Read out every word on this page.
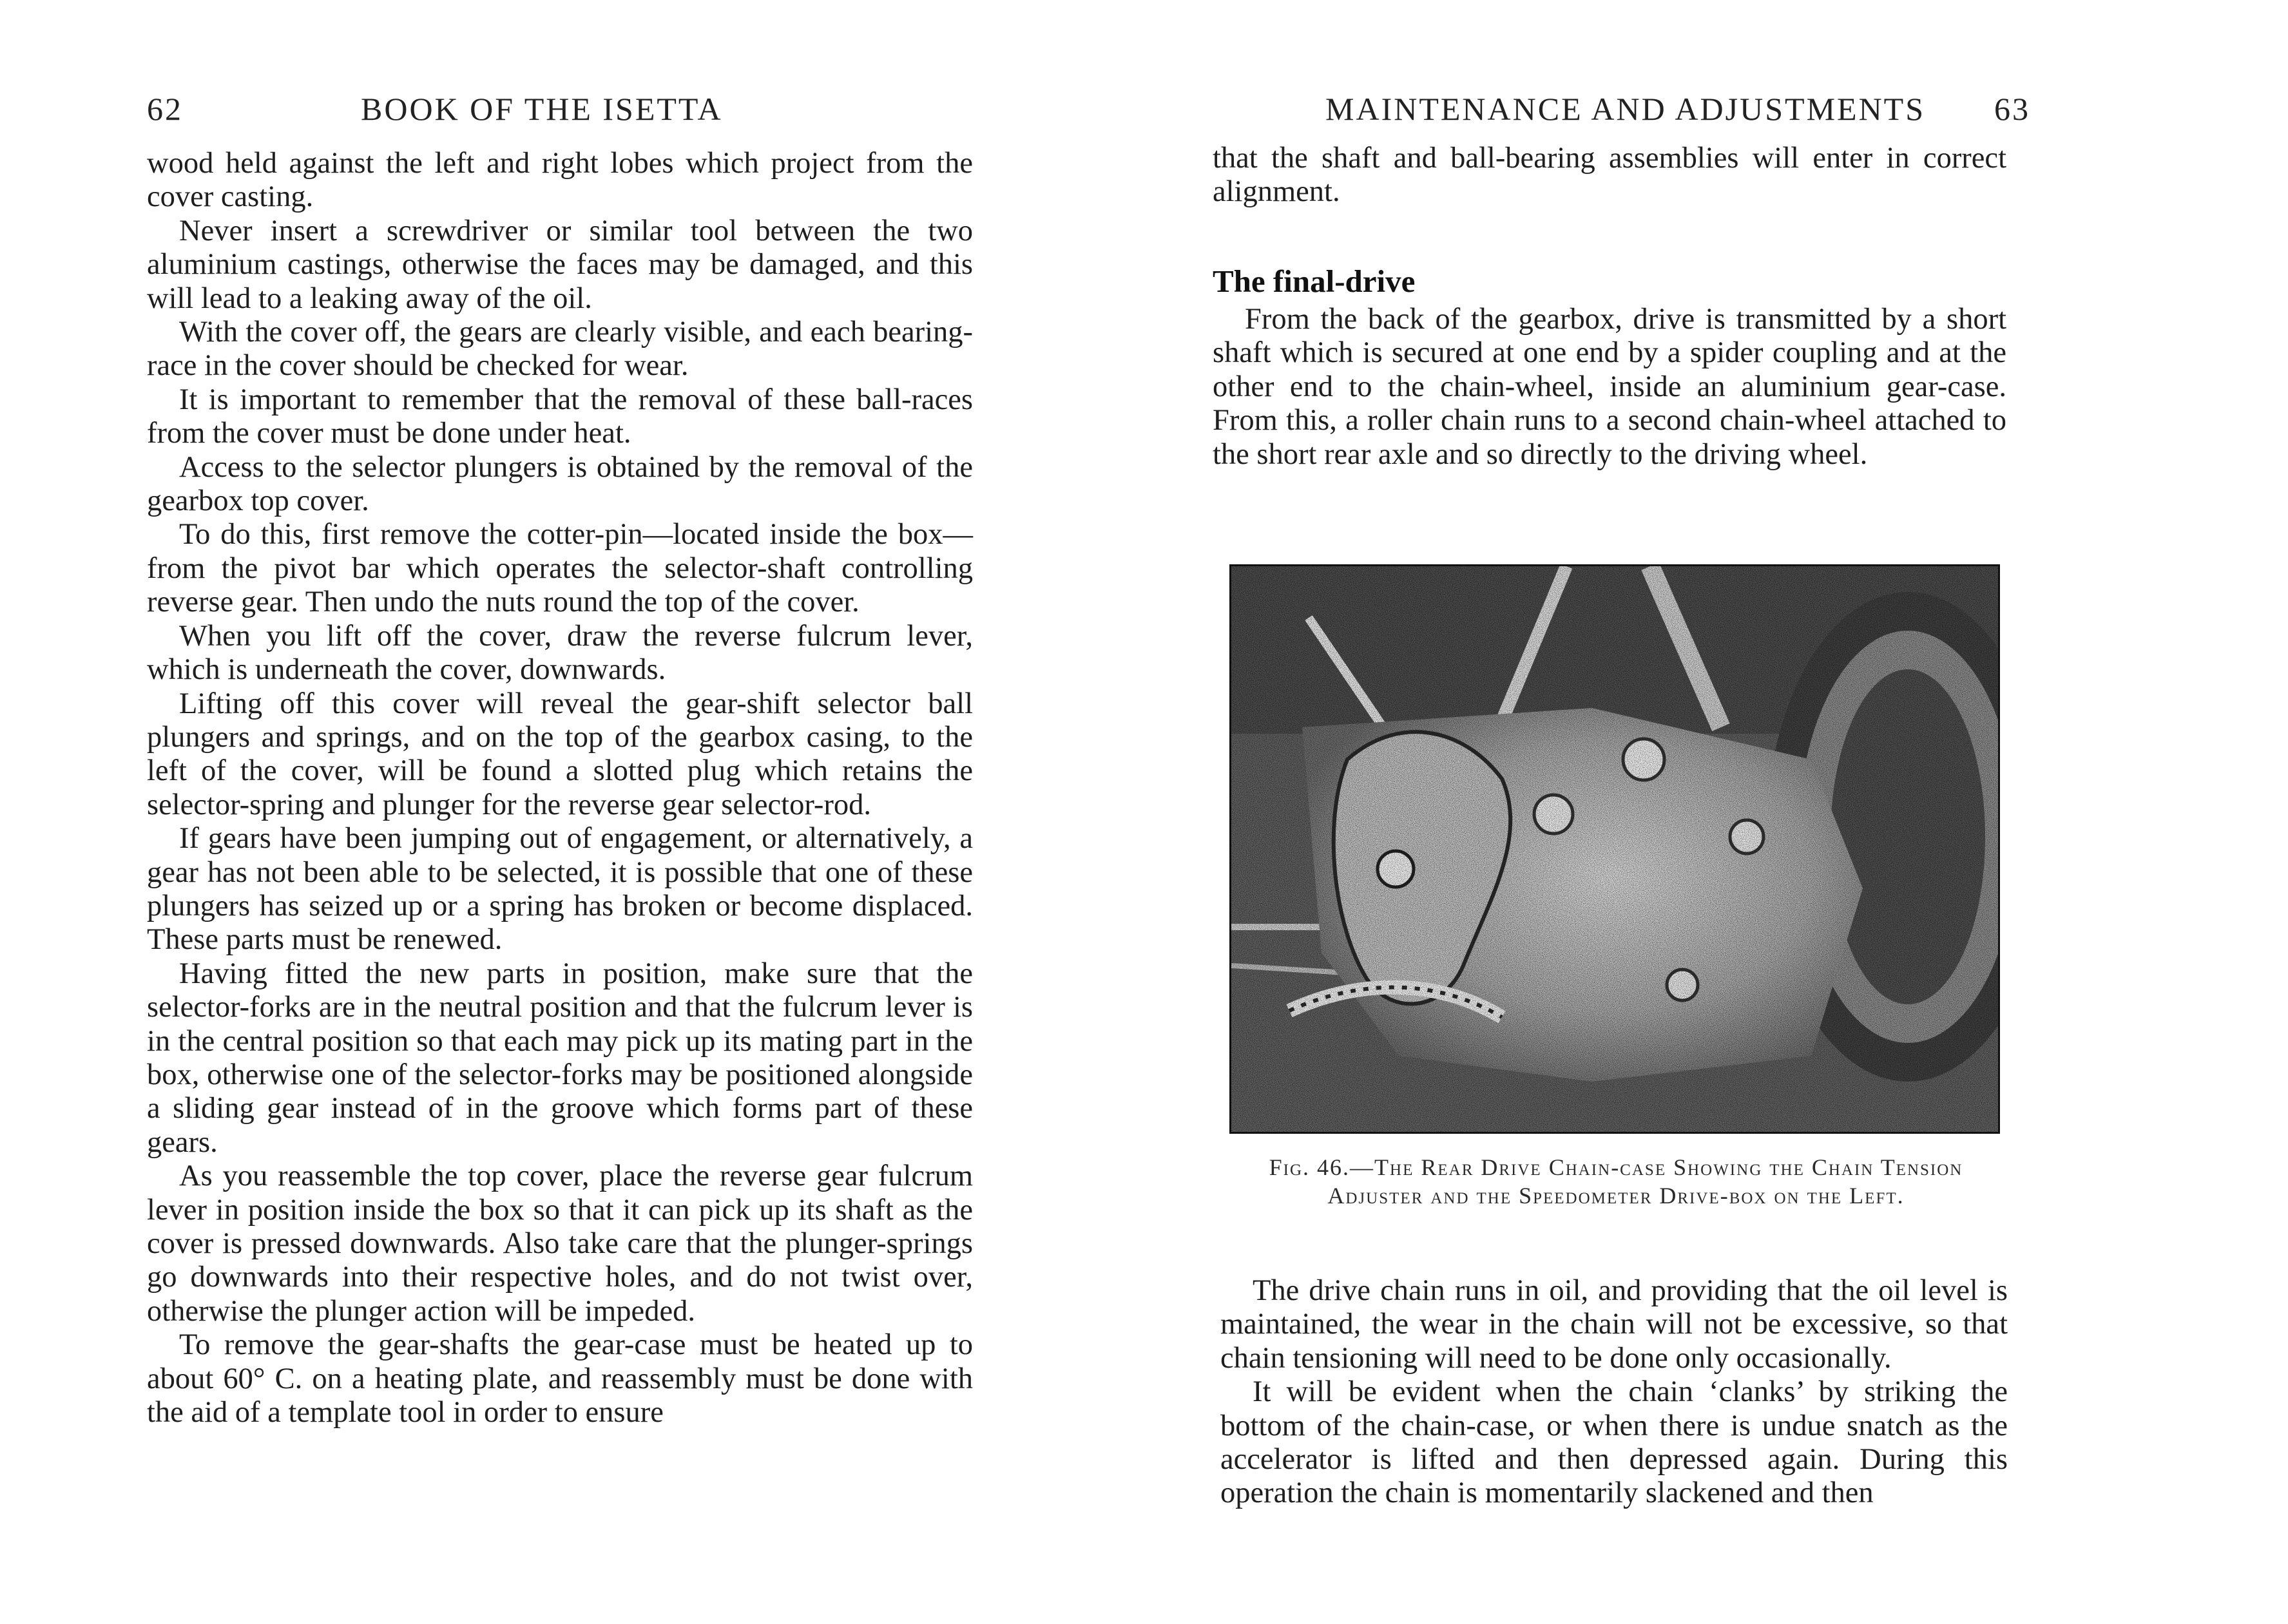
62	BOOK OF THE ISETTA

wood held against the left and right lobes which project from the cover casting.

Never insert a screwdriver or similar tool between the two aluminium castings, otherwise the faces may be damaged, and this will lead to a leaking away of the oil.

With the cover off, the gears are clearly visible, and each bearing-race in the cover should be checked for wear.

It is important to remember that the removal of these ball-races from the cover must be done under heat.

Access to the selector plungers is obtained by the removal of the gearbox top cover.

To do this, first remove the cotter-pin—located inside the box—from the pivot bar which operates the selector-shaft controlling reverse gear. Then undo the nuts round the top of the cover.

When you lift off the cover, draw the reverse fulcrum lever, which is underneath the cover, downwards.

Lifting off this cover will reveal the gear-shift selector ball plungers and springs, and on the top of the gearbox casing, to the left of the cover, will be found a slotted plug which retains the selector-spring and plunger for the reverse gear selector-rod.

If gears have been jumping out of engagement, or alternatively, a gear has not been able to be selected, it is possible that one of these plungers has seized up or a spring has broken or become displaced. These parts must be renewed.

Having fitted the new parts in position, make sure that the selector-forks are in the neutral position and that the fulcrum lever is in the central position so that each may pick up its mating part in the box, otherwise one of the selector-forks may be positioned alongside a sliding gear instead of in the groove which forms part of these gears.

As you reassemble the top cover, place the reverse gear fulcrum lever in position inside the box so that it can pick up its shaft as the cover is pressed downwards. Also take care that the plunger-springs go downwards into their respective holes, and do not twist over, otherwise the plunger action will be impeded.

To remove the gear-shafts the gear-case must be heated up to about 60° C. on a heating plate, and reassembly must be done with the aid of a template tool in order to ensure

MAINTENANCE AND ADJUSTMENTS 63

that the shaft and ball-bearing assemblies will enter in correct alignment.

The final-drive

From the back of the gearbox, drive is transmitted by a short shaft which is secured at one end by a spider coupling and at the other end to the chain-wheel, inside an aluminium gear-case. From this, a roller chain runs to a second chain-wheel attached to the short rear axle and so directly to the driving wheel.

Fig. 46.—The Rear Drive Chain-case Showing the Chain Tension Adjuster and the Speedometer Drive-box on the Left.

The drive chain runs in oil, and providing that the oil level is maintained, the wear in the chain will not be excessive, so that chain tensioning will need to be done only occasionally.

It will be evident when the chain ‘clanks’ by striking the bottom of the chain-case, or when there is undue snatch as the accelerator is lifted and then depressed again. During this operation the chain is momentarily slackened and then
